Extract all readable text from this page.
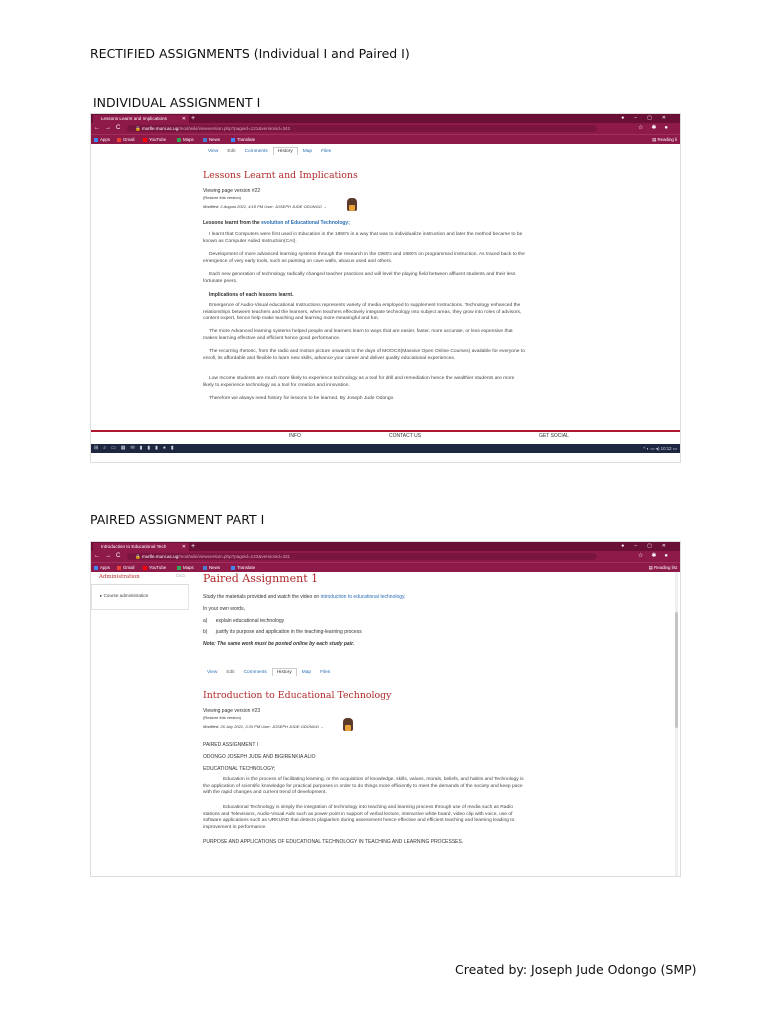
RECTIFIED ASSIGNMENTS (Individual I and Paired I)
INDIVIDUAL ASSIGNMENT I
Lessons Learnt and Implications	✕ +	●–▢✕
←→C	🔒 murlle.muni.ac.ug/mod/wiki/viewversion.php?pageid=121&versionid=342	☆✱●
Apps	Gmail	YouTube	Maps	News	Translate	▤ Reading li
View Edit Comments History Map Files
Lessons Learnt and Implications
Viewing page version #22
(Restore this version)
Modified: 2 August 2021, 4:18 PM User: JOSEPH JUDE ODONGO →
Lessons learnt from the evolution of Educational Technology;
I learnt that Computers were first used in Education in the 1960's in a way that was to individualize instruction and later the method became to be known as Computer Aided Instruction(CAI).
Development of more advanced learning systems through the research in the 1960's and 1980's on programmed instruction. As traced back to the emergence of very early tools, such as painting on cave walls, abacus used and others.
Each new generation of technology radically changed teacher practices and will level the playing field between affluent students and their less fortunate peers.
Implications of each lessons learnt.
Emergence of Audio-Visual educational Instructions represents variety of media employed to supplement Instructions. Technology enhanced the relationships between teachers and the learners, when teachers effectively integrate technology into subject areas, they grow into roles of advisors, content expert, hence help make teaching and learning more meaningful and fun.
The more Advanced learning systems helped people and learners learn to ways that are easier, faster, more accurate, or less expensive that makes learning effective and efficient hence good performance.
The recurring rhetoric, from the radio and motion picture onwards to the days of MOOCS(Massive Open Online Courses) available for everyone to enroll, its affordable and flexible to learn new skills, advance your career and deliver quality educational experiences.
Low Income students are much more likely to experience technology as a tool for drill and remediation hence the wealthier students are more likely to experience technology as a tool for creation and innovation.
Therefore we always need history for lessons to be learned. By Joseph Jude Odongo
INFO	CONTACT US	GET SOCIAL
⊞⌕▭▦✉▮▮▮●▮	^ ◐ ▭ ◂) 10:12 ▭
PAIRED ASSIGNMENT PART I
Introduction to Educational Tech	✕ +	●–▢✕
←→C	🔒 murlle.muni.ac.ug/mod/wiki/viewversion.php?pageid=123&versionid=331	☆✱●
Apps	Gmail	YouTube	Maps	News	Translate	▤ Reading list
Administration	▭▭
▸ Course administration
Paired Assignment 1
Study the materials provided and watch the video on introduction to educational technology.
In your own words,
a)      explain educational technology
b)      justify its purpose and application in the teaching-learning process
Note: The same work must be posted online by each study pair.
View Edit Comments History Map Files
Introduction to Educational Technology
Viewing page version #23
(Restore this version)
Modified: 26 July 2021, 3:33 PM User: JOSEPH JUDE ODONGO →
PAIRED ASSIGNMENT I
ODONGO JOSEPH JUDE AND BIGIRENKIA ALIO
EDUCATIONAL TECHNOLOGY;
Education is the process of facilitating learning, or the acquisition of knowledge, skills, values, morals, beliefs, and habits and Technology is the application of scientific knowledge for practical purposes in order to do things more efficiently to meet the demands of the society and keep pace with the rapid changes and current trend of development.
Educational Technology is simply the integration of technology into teaching and learning process through use of media such as Radio stations and Televisions, Audio-Visual Aids such as power point in support of verbal lecture, interactive white board, video clip with voice, use of software applications such as URKUND that detects plagiarism during assessment hence effective and efficient teaching and learning leading to improvement in performance.
PURPOSE AND APPLICATIONS OF EDUCATIONAL TECHNOLOGY IN TEACHING AND LEARNING PROCESSES.
Created by: Joseph Jude Odongo (SMP)
